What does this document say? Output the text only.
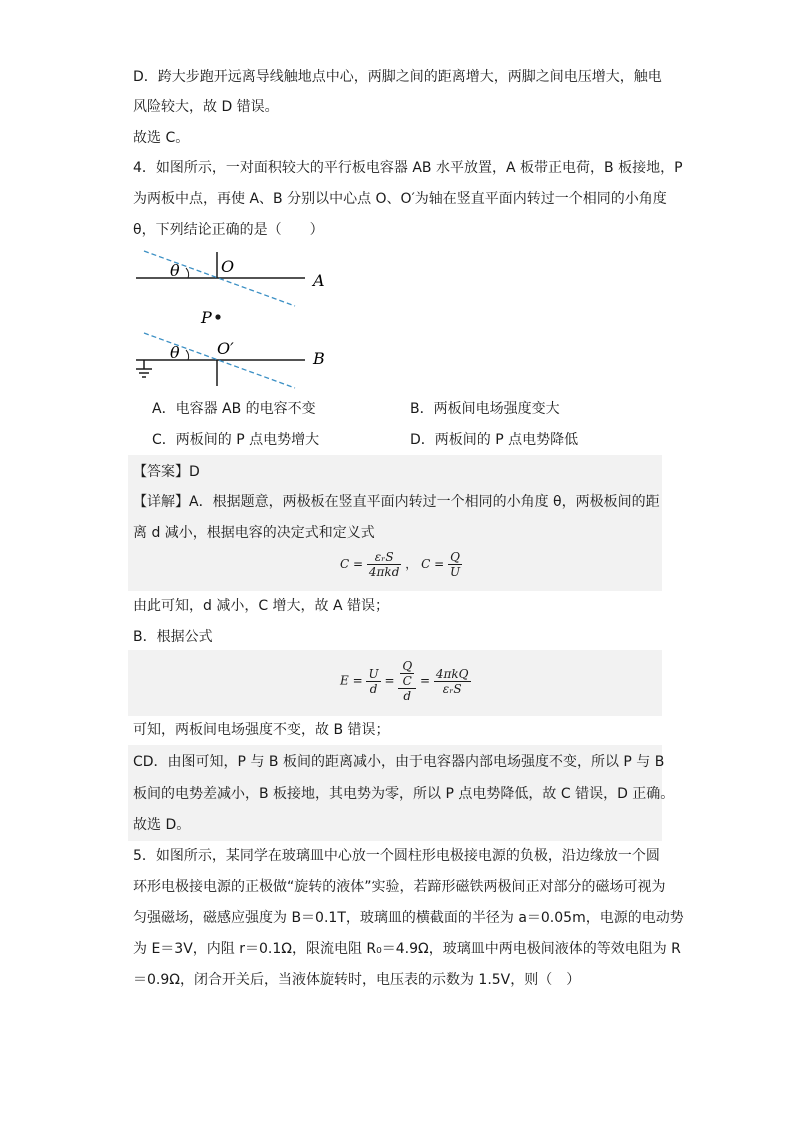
D．跨大步跑开远离导线触地点中心，两脚之间的距离增大，两脚之间电压增大，触电
风险较大，故 D 错误。
故选 C。
4．如图所示，一对面积较大的平行板电容器 AB 水平放置，A 板带正电荷，B 板接地，P
为两板中点，再使 A、B 分别以中心点 O、O′为轴在竖直平面内转过一个相同的小角度
θ，下列结论正确的是（　　）
θ	O
A
P
θ O′
B
A．电容器 AB 的电容不变	B．两板间电场强度变大
C．两板间的 P 点电势增大	D．两板间的 P 点电势降低
【答案】D
【详解】A．根据题意，两极板在竖直平面内转过一个相同的小角度 θ，两极板间的距
离 d 减小，根据电容的决定式和定义式
$C = \frac{\text{εᵣS}}{\text{4πkd}}$ ， $C = \frac{Q}{U}$
由此可知，d 减小，C 增大，故 A 错误；
B．根据公式
$E = \frac{U}{d} = \frac{\frac{Q}{C}}{d} = \frac{\text{4πkQ}}{\text{εᵣS}}$
可知，两板间电场强度不变，故 B 错误；
CD．由图可知，P 与 B 板间的距离减小，由于电容器内部电场强度不变，所以 P 与 B
板间的电势差减小，B 板接地，其电势为零，所以 P 点电势降低，故 C 错误，D 正确。
故选 D。
5．如图所示，某同学在玻璃皿中心放一个圆柱形电极接电源的负极，沿边缘放一个圆
环形电极接电源的正极做“旋转的液体”实验，若蹄形磁铁两极间正对部分的磁场可视为
匀强磁场，磁感应强度为 B＝0.1T，玻璃皿的横截面的半径为 a＝0.05m，电源的电动势
为 E＝3V，内阻 r＝0.1Ω，限流电阻 R₀＝4.9Ω，玻璃皿中两电极间液体的等效电阻为 R
＝0.9Ω，闭合开关后，当液体旋转时，电压表的示数为 1.5V，则（　）
